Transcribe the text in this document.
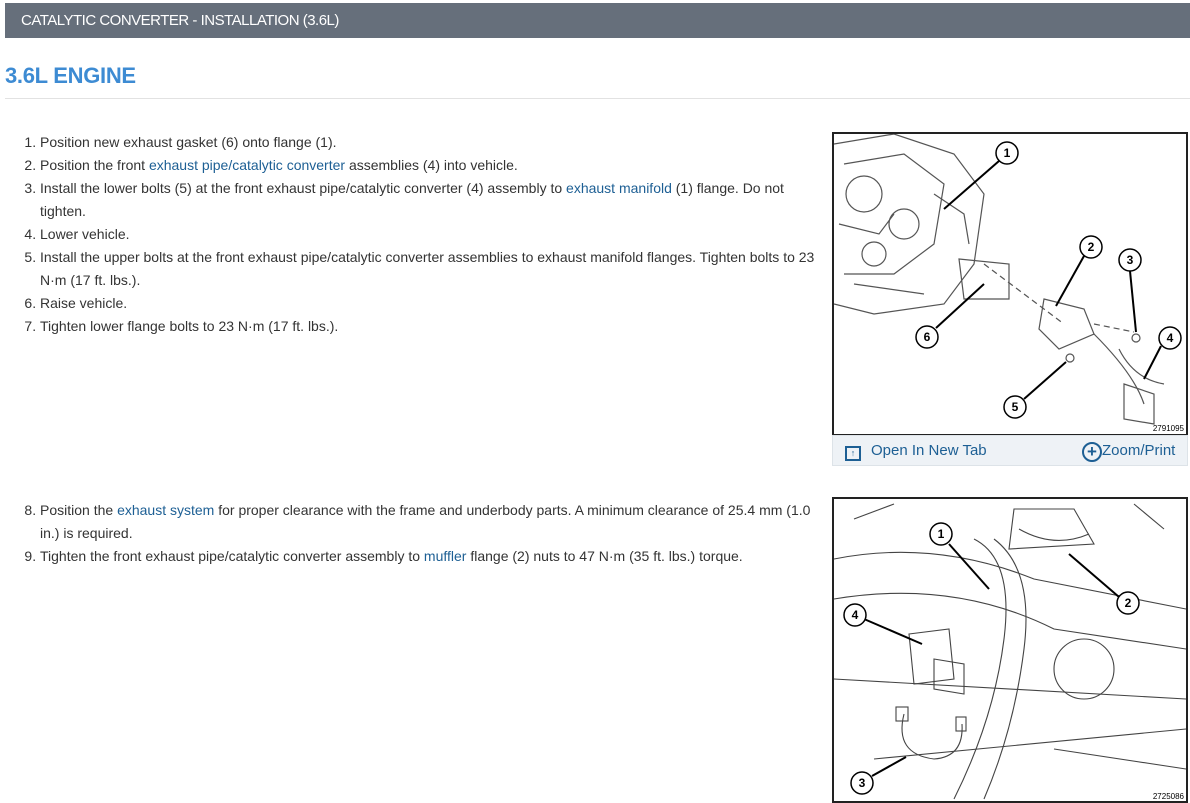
CATALYTIC CONVERTER - INSTALLATION (3.6L)
3.6L ENGINE
1. Position new exhaust gasket (6) onto flange (1).
2. Position the front exhaust pipe/catalytic converter assemblies (4) into vehicle.
3. Install the lower bolts (5) at the front exhaust pipe/catalytic converter (4) assembly to exhaust manifold (1) flange. Do not tighten.
4. Lower vehicle.
5. Install the upper bolts at the front exhaust pipe/catalytic converter assemblies to exhaust manifold flanges. Tighten bolts to 23 N·m (17 ft. lbs.).
6. Raise vehicle.
7. Tighten lower flange bolts to 23 N·m (17 ft. lbs.).
8. Position the exhaust system for proper clearance with the frame and underbody parts. A minimum clearance of 25.4 mm (1.0 in.) is required.
9. Tighten the front exhaust pipe/catalytic converter assembly to muffler flange (2) nuts to 47 N·m (35 ft. lbs.) torque.
1
2
3
4
5
6
2791095
↑ Open In New Tab	+ Zoom/Print
1
2
3
4
2725086
